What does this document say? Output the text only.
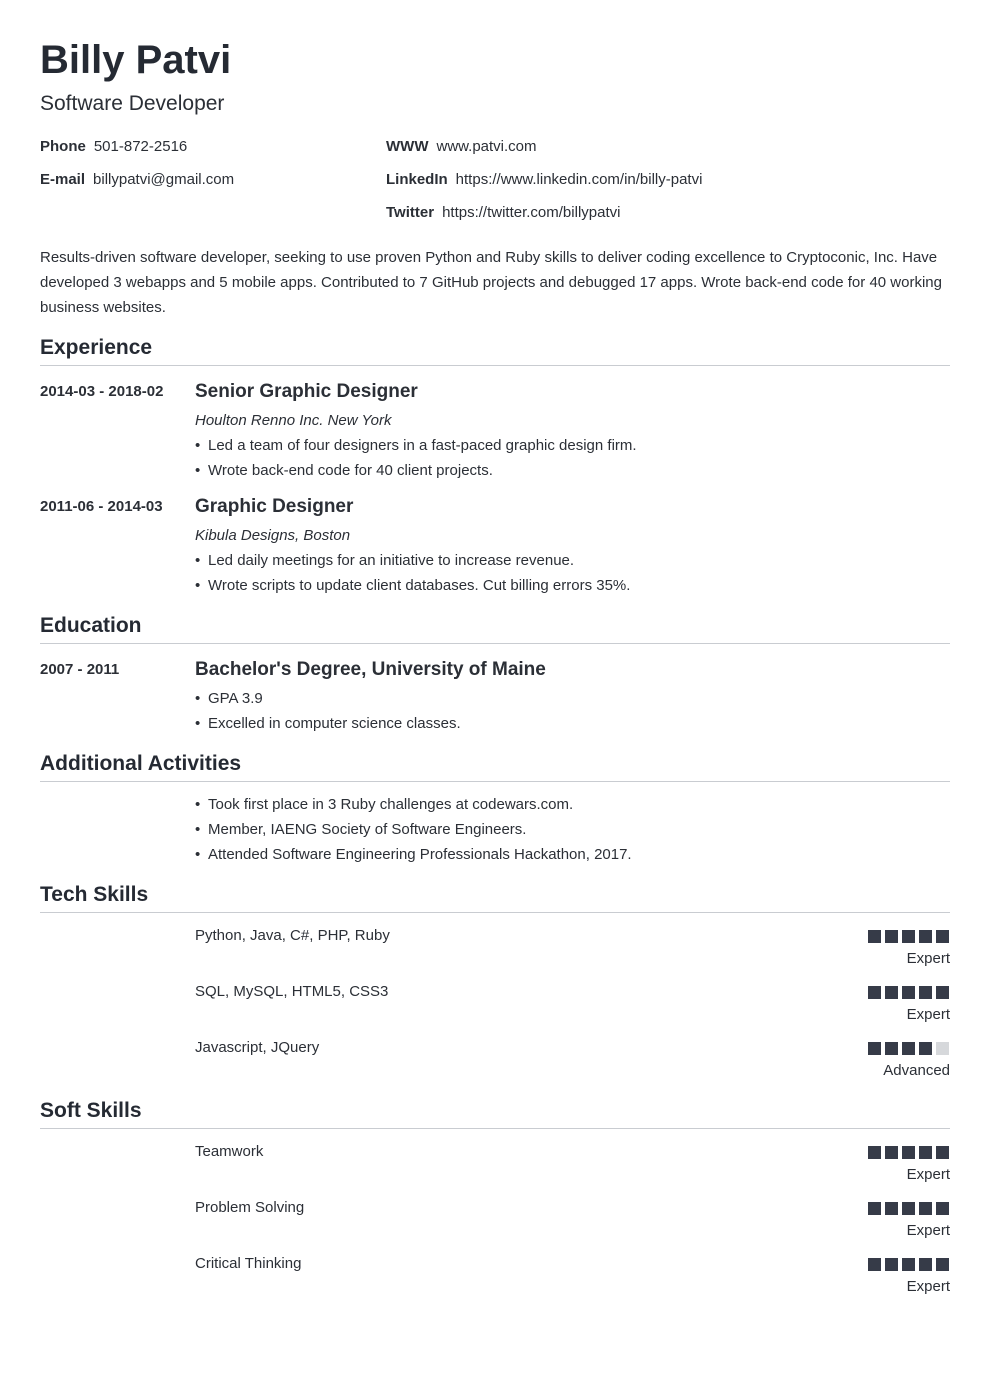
Billy Patvi
Software Developer
Phone 501-872-2516
E-mail billypatvi@gmail.com
WWW www.patvi.com
LinkedIn https://www.linkedin.com/in/billy-patvi
Twitter https://twitter.com/billypatvi
Results-driven software developer, seeking to use proven Python and Ruby skills to deliver coding excellence to Cryptoconic, Inc. Have developed 3 webapps and 5 mobile apps. Contributed to 7 GitHub projects and debugged 17 apps. Wrote back-end code for 40 working business websites.
Experience
2014-03 - 2018-02 Senior Graphic Designer
Houlton Renno Inc. New York
• Led a team of four designers in a fast-paced graphic design firm.
• Wrote back-end code for 40 client projects.
2011-06 - 2014-03 Graphic Designer
Kibula Designs, Boston
• Led daily meetings for an initiative to increase revenue.
• Wrote scripts to update client databases. Cut billing errors 35%.
Education
2007 - 2011	Bachelor's Degree, University of Maine
• GPA 3.9
• Excelled in computer science classes.
Additional Activities
• Took first place in 3 Ruby challenges at codewars.com.
• Member, IAENG Society of Software Engineers.
• Attended Software Engineering Professionals Hackathon, 2017.
Tech Skills
Python, Java, C#, PHP, Ruby
Expert
SQL, MySQL, HTML5, CSS3
Expert
Javascript, JQuery
Advanced
Soft Skills
Teamwork
Expert
Problem Solving
Expert
Critical Thinking
Expert
